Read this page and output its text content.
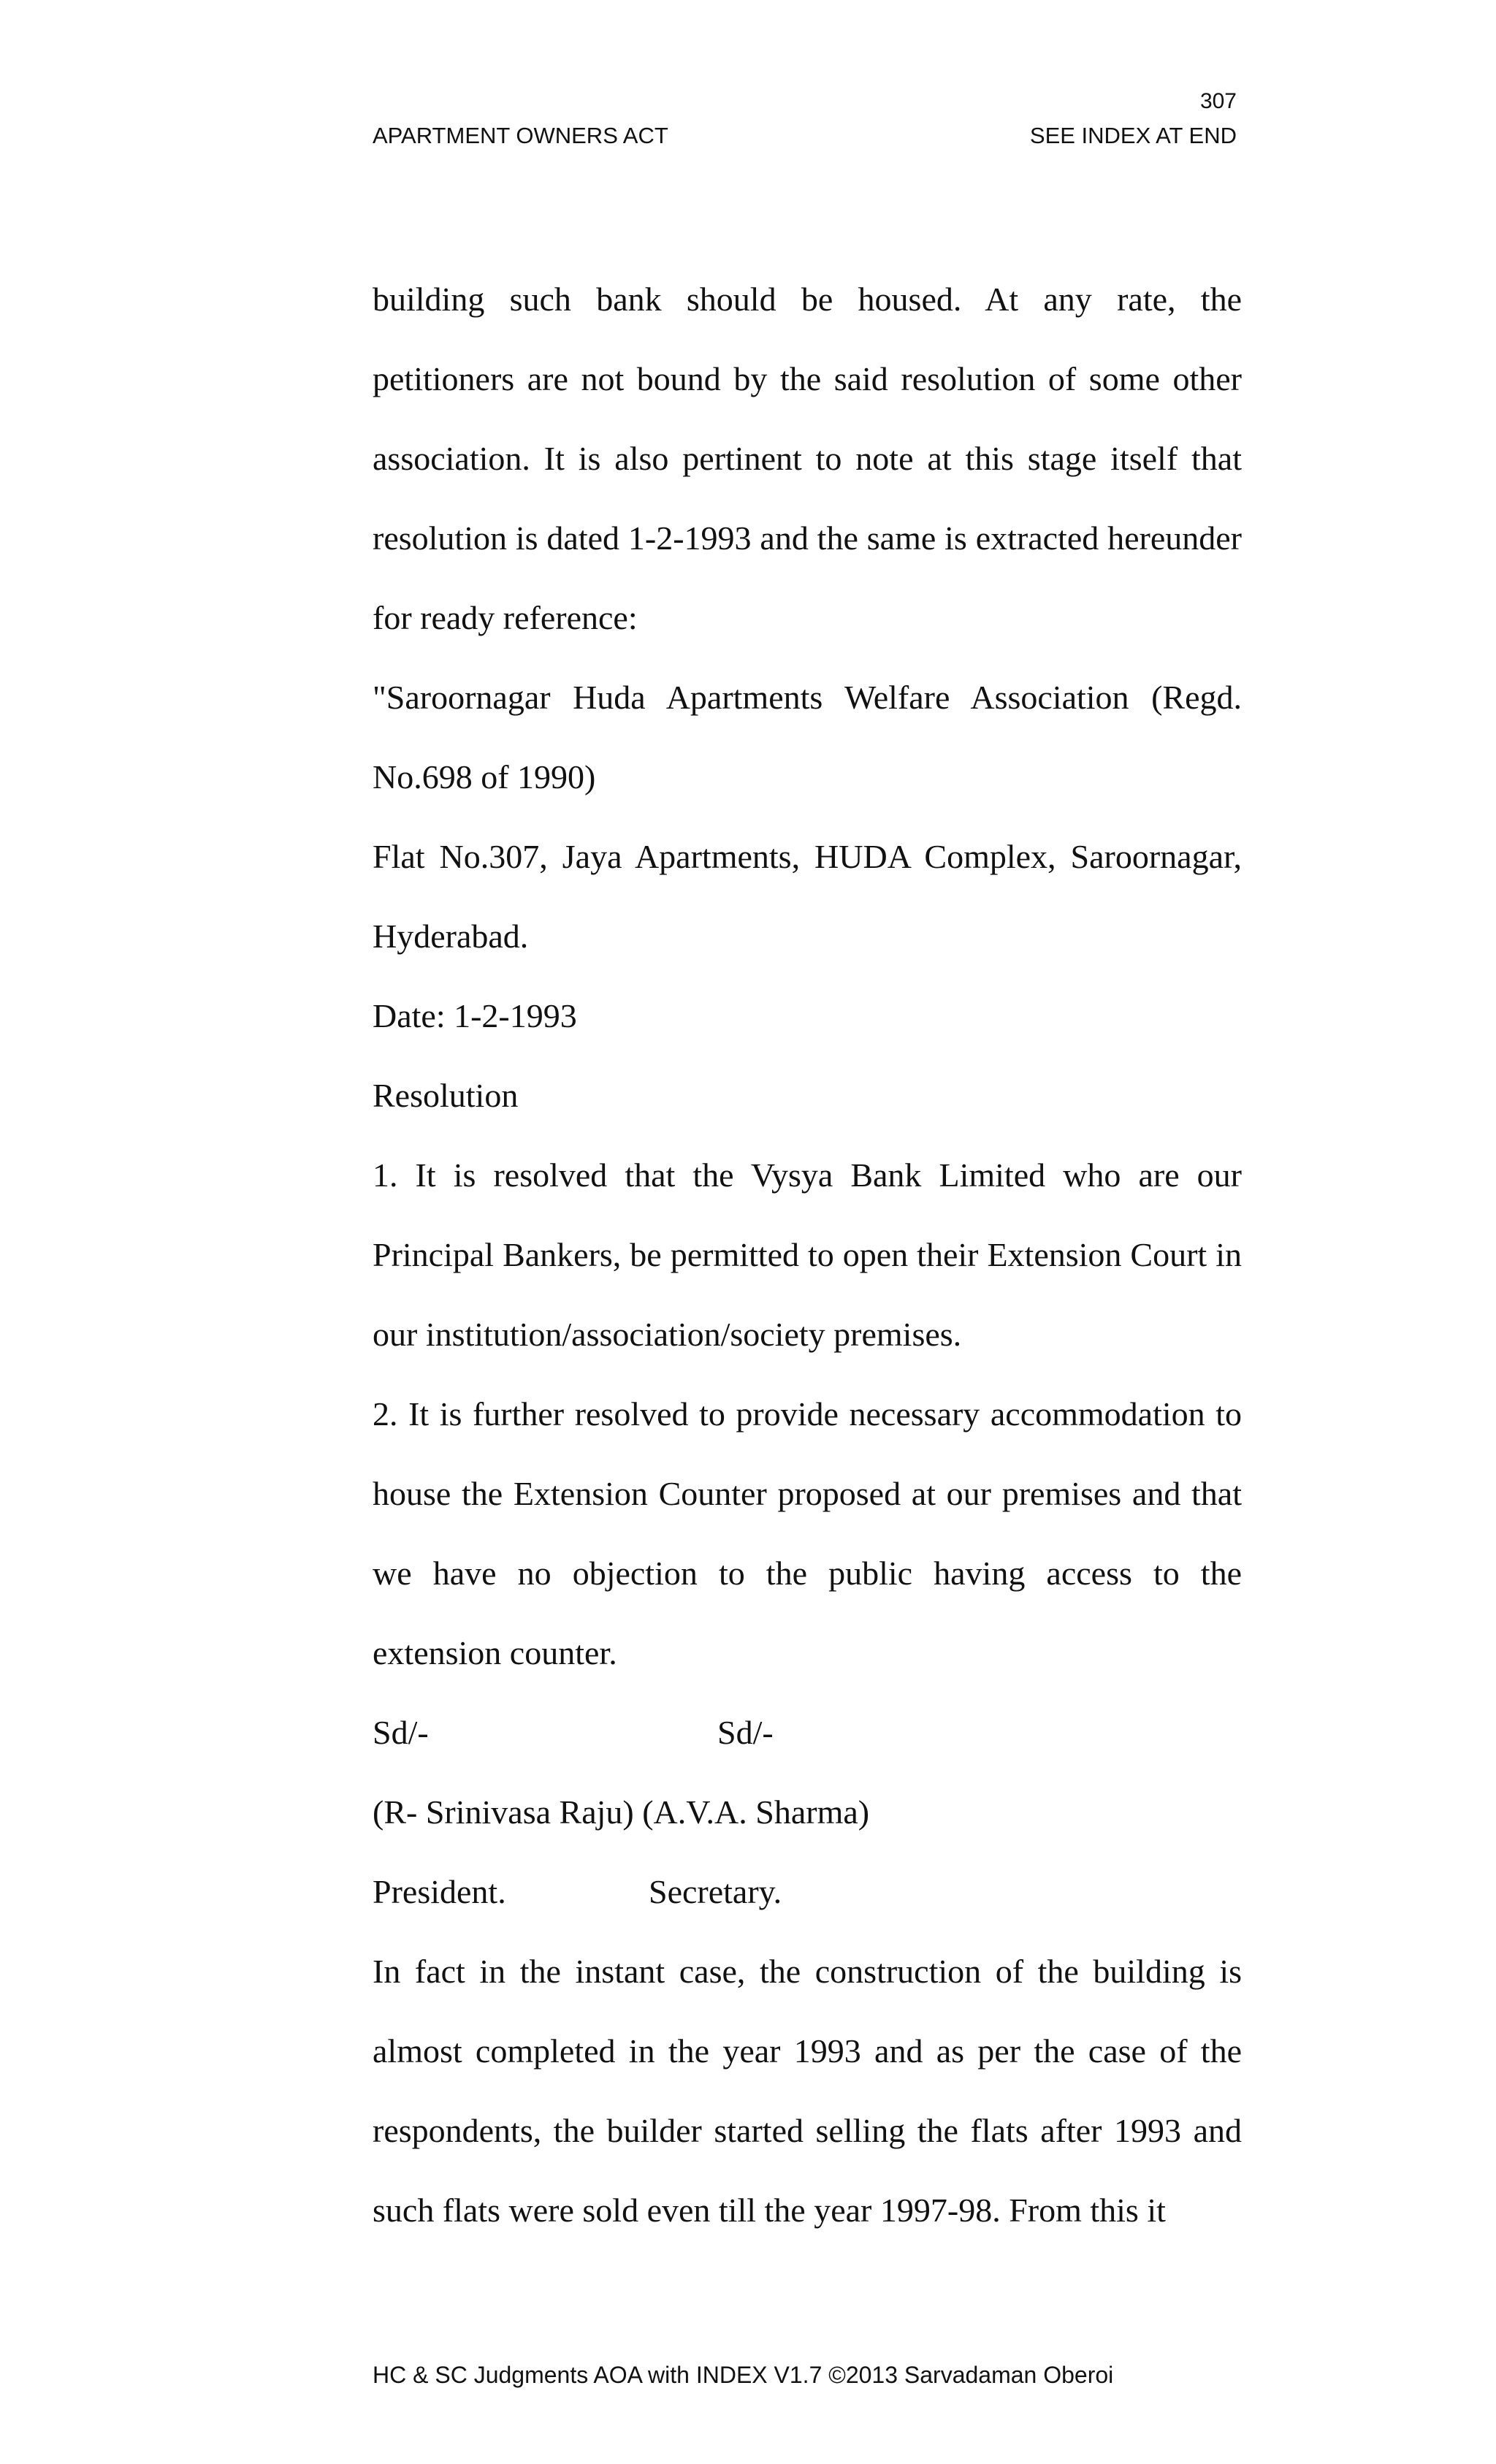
307
APARTMENT OWNERS ACT	SEE INDEX AT END

building such bank should be housed. At any rate, the petitioners are not bound by the said resolution of some other association. It is also pertinent to note at this stage itself that resolution is dated 1-2-1993 and the same is extracted hereunder for ready reference:

"Saroornagar Huda Apartments Welfare Association (Regd. No.698 of 1990)

Flat No.307, Jaya Apartments, HUDA Complex, Saroornagar, Hyderabad.

Date: 1-2-1993

Resolution

1. It is resolved that the Vysya Bank Limited who are our Principal Bankers, be permitted to open their Extension Court in our institution/association/society premises.

2. It is further resolved to provide necessary accommodation to house the Extension Counter proposed at our premises and that we have no objection to the public having access to the extension counter.

Sd/-	Sd/-

(R- Srinivasa Raju) (A.V.A. Sharma)

President.	Secretary.

In fact in the instant case, the construction of the building is almost completed in the year 1993 and as per the case of the respondents, the builder started selling the flats after 1993 and such flats were sold even till the year 1997-98. From this it

HC & SC Judgments AOA with INDEX V1.7 ©2013 Sarvadaman Oberoi
